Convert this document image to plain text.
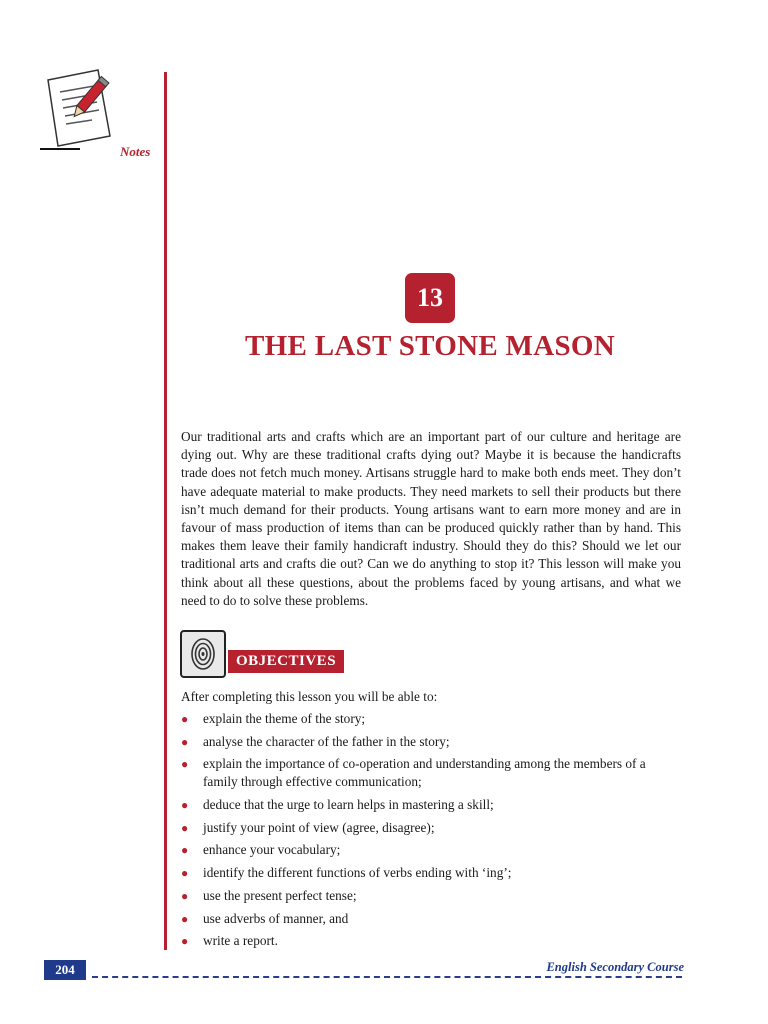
Notes
13
THE LAST STONE MASON
Our traditional arts and crafts which are an important part of our culture and heritage are dying out. Why are these traditional crafts dying out? Maybe it is because the handicrafts trade does not fetch much money. Artisans struggle hard to make both ends meet. They don’t have adequate material to make products. They need markets to sell their products but there isn’t much demand for their products. Young artisans want to earn more money and are in favour of mass production of items than can be produced quickly rather than by hand. This makes them leave their family handicraft industry. Should they do this? Should we let our traditional arts and crafts die out? Can we do anything to stop it? This lesson will make you think about all these questions, about the problems faced by young artisans, and what we need to do to solve these problems.
OBJECTIVES
After completing this lesson you will be able to:
● explain the theme of the story;
● analyse the character of the father in the story;
● explain the importance of co-operation and understanding among the members of a family through effective communication;
● deduce that the urge to learn helps in mastering a skill;
● justify your point of view (agree, disagree);
● enhance your vocabulary;
● identify the different functions of verbs ending with ‘ing’;
● use the present perfect tense;
● use adverbs of manner, and
● write a report.
204	English Secondary Course
